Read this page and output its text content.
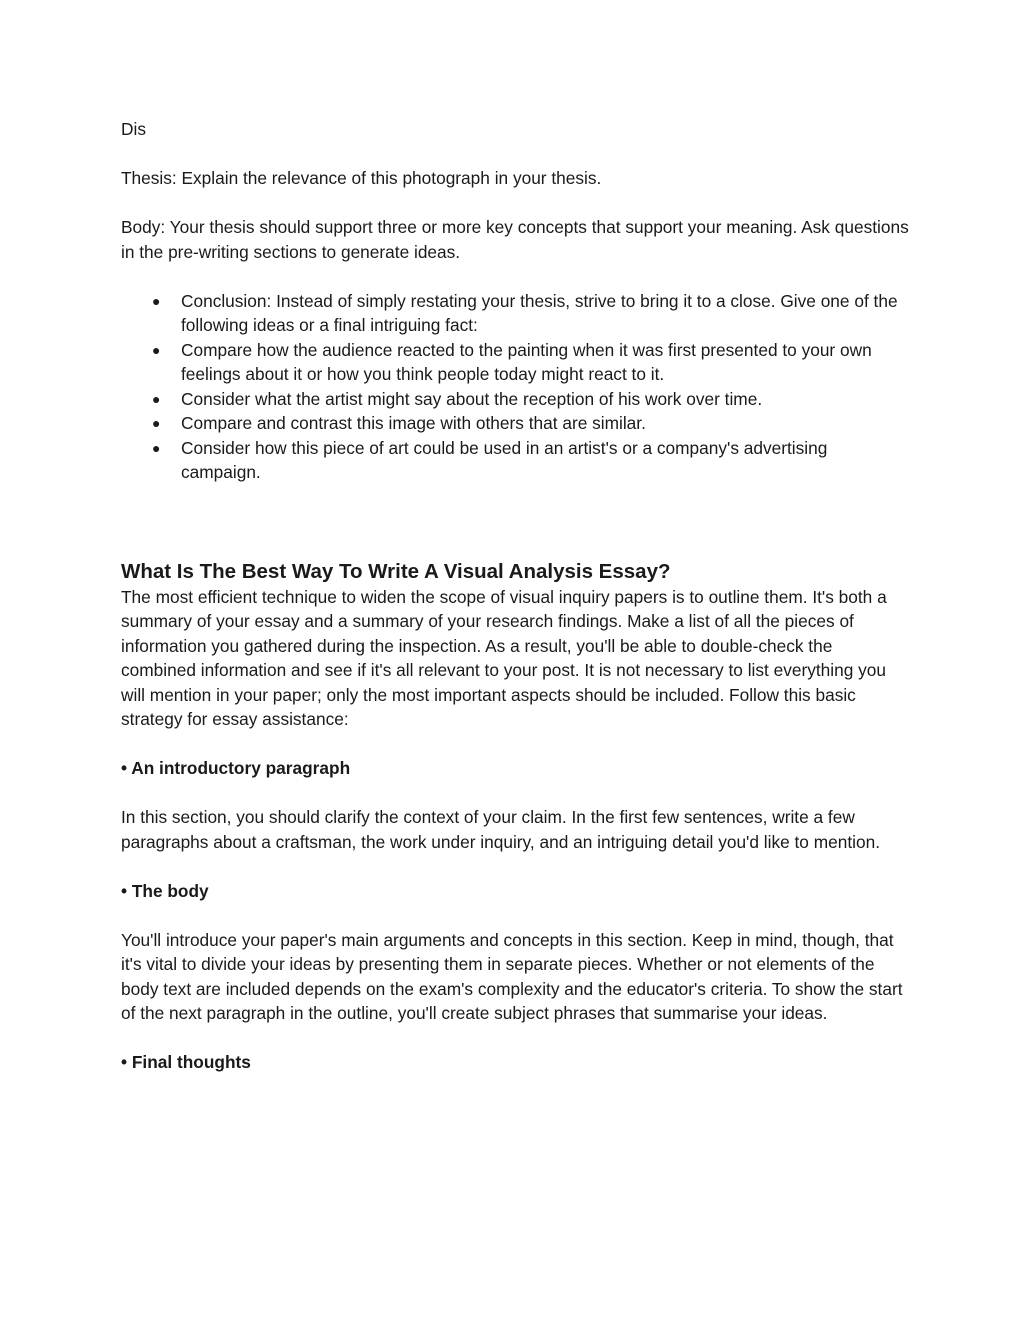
Dis

Thesis: Explain the relevance of this photograph in your thesis.

Body: Your thesis should support three or more key concepts that support your meaning. Ask questions in the pre-writing sections to generate ideas.

● Conclusion: Instead of simply restating your thesis, strive to bring it to a close. Give one of the following ideas or a final intriguing fact:
● Compare how the audience reacted to the painting when it was first presented to your own feelings about it or how you think people today might react to it.
● Consider what the artist might say about the reception of his work over time.
● Compare and contrast this image with others that are similar.
● Consider how this piece of art could be used in an artist's or a company's advertising campaign.
What Is The Best Way To Write A Visual Analysis Essay?

The most efficient technique to widen the scope of visual inquiry papers is to outline them. It's both a summary of your essay and a summary of your research findings. Make a list of all the pieces of information you gathered during the inspection. As a result, you'll be able to double-check the combined information and see if it's all relevant to your post. It is not necessary to list everything you will mention in your paper; only the most important aspects should be included. Follow this basic strategy for essay assistance:

• An introductory paragraph

In this section, you should clarify the context of your claim. In the first few sentences, write a few paragraphs about a craftsman, the work under inquiry, and an intriguing detail you'd like to mention.

• The body

You'll introduce your paper's main arguments and concepts in this section. Keep in mind, though, that it's vital to divide your ideas by presenting them in separate pieces. Whether or not elements of the body text are included depends on the exam's complexity and the educator's criteria. To show the start of the next paragraph in the outline, you'll create subject phrases that summarise your ideas.

• Final thoughts
